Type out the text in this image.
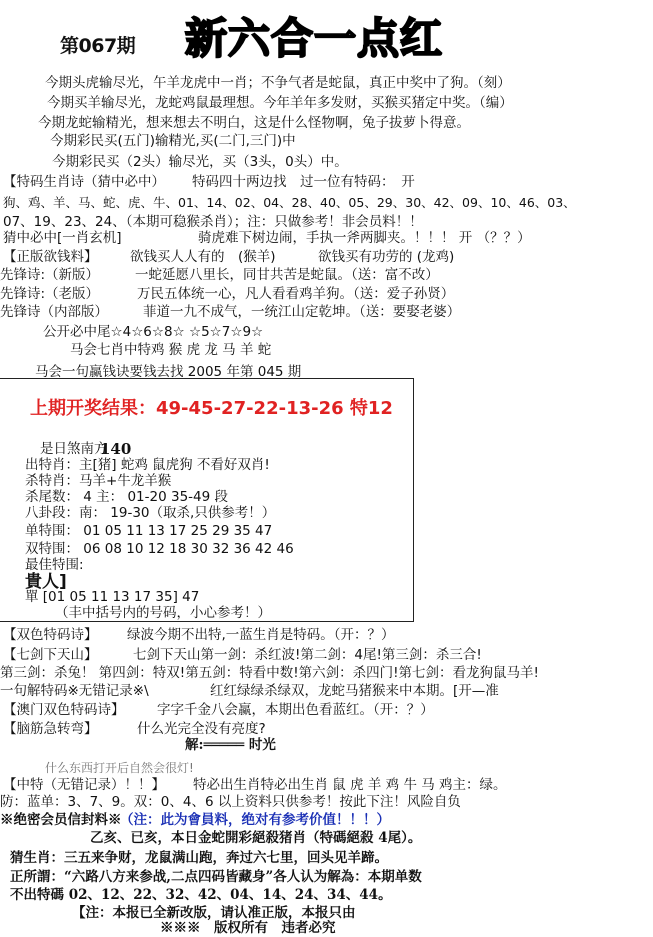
第067期 新六合一点红
今期头虎输尽光，午羊龙虎中一肖；不争气者是蛇鼠，真正中奖中了狗。（刻）
今期买羊输尽光，龙蛇鸡鼠最理想。今年羊年多发财，买猴买猪定中奖。（编）
今期龙蛇输精光，想来想去不明白，这是什么怪物啊，兔子拔萝卜得意。
今期彩民买(五门)输精光,买(二门,三门)中
今期彩民买（2头）输尽光，买（3头，0头）中。
【特码生肖诗（猜中必中） 特码四十两边找　过一位有特码：　开
狗、鸡、羊、马、蛇、虎、牛、01、14、02、04、28、40、05、29、30、42、09、10、46、03、
07、19、23、24、（本期可稳猴杀肖）；注：只做参考！非会员料！！
猜中必中[一肖玄机]	骑虎难下树边闹，手执一斧两脚夹。！！！ 开 （？？）
【正版欲钱料】 欲钱买人人有的　(猴羊)	欲钱买有功劳的 (龙鸡)
先锋诗:（新版）	一蛇延愿八里长，同甘共苦是蛇鼠。（送：富不改）
先锋诗:（老版）	万民五体统一心，凡人看看鸡羊狗。（送：爱子孙贤）
先锋诗（内部版）	菲道一九不成气，一统江山定乾坤。（送：要娶老婆）
公开必中尾☆4☆6☆8☆ ☆5☆7☆9☆
马会七肖中特鸡 猴 虎 龙 马 羊 蛇
马会一句赢钱诀要钱去找 2005 年第 045 期
上期开奖结果：49-45-27-22-13-26 特12
是日煞南方
140
出特肖：主[猪] 蛇鸡 鼠虎狗 不看好双肖!
杀特肖：马羊+牛龙羊猴
杀尾数： 4 主： 01-20 35-49 段
八卦段：南： 19-30（取杀,只供参考！）
单特围： 01 05 11 13 17 25 29 35 47
双特围： 06 08 10 12 18 30 32 36 42 46
最佳特围:
貴人]
單 [01 05 11 13 17 35] 47
（丰中括号内的号码，小心参考！）
【双色特码诗】 绿波今期不出特,一蓝生肖是特码。（开：？）
【七剑下天山】	七剑下天山第一剑：杀红波!第二剑：4尾!第三剑：杀三合!
第三剑：杀兔！ 第四剑：特双!第五剑：特看中数!第六剑：杀四门!第七剑：看龙狗鼠马羊!
一句解特码※无错记录※\	红红绿绿杀绿双，龙蛇马猪猴来中本期。[开—准
【澳门双色特码诗】 字字千金八会赢，本期出色看蓝红。（开：？）
【脑筋急转弯】	什么光完全没有亮度?
解:═════ 时光
什么东西打开后自然会很灯!
【中特（无错记录）！！】 特必出生肖特必出生肖 鼠 虎 羊 鸡 牛 马 鸡主：绿。
防：蓝单：3、7、9。双：0、4、6 以上资料只供参考！按此下注！风险自负
※绝密会员信封料※
（注：此为會員料，绝对有参考价值！！！）
乙亥、已亥，本日金蛇開彩絕殺猪肖（特碼絕殺 4尾）。
猜生肖：三五来争财，龙鼠满山跑，奔过六七里，回头见羊蹄。
正所謂：“六路八方来参战,二点四码皆藏身”各人认为解為：本期单数
不出特碼 02、12、22、32、42、04、14、24、34、44。
【注：本报已全新改版，请认准正版，本报只由
※※※　版权所有　违者必究
